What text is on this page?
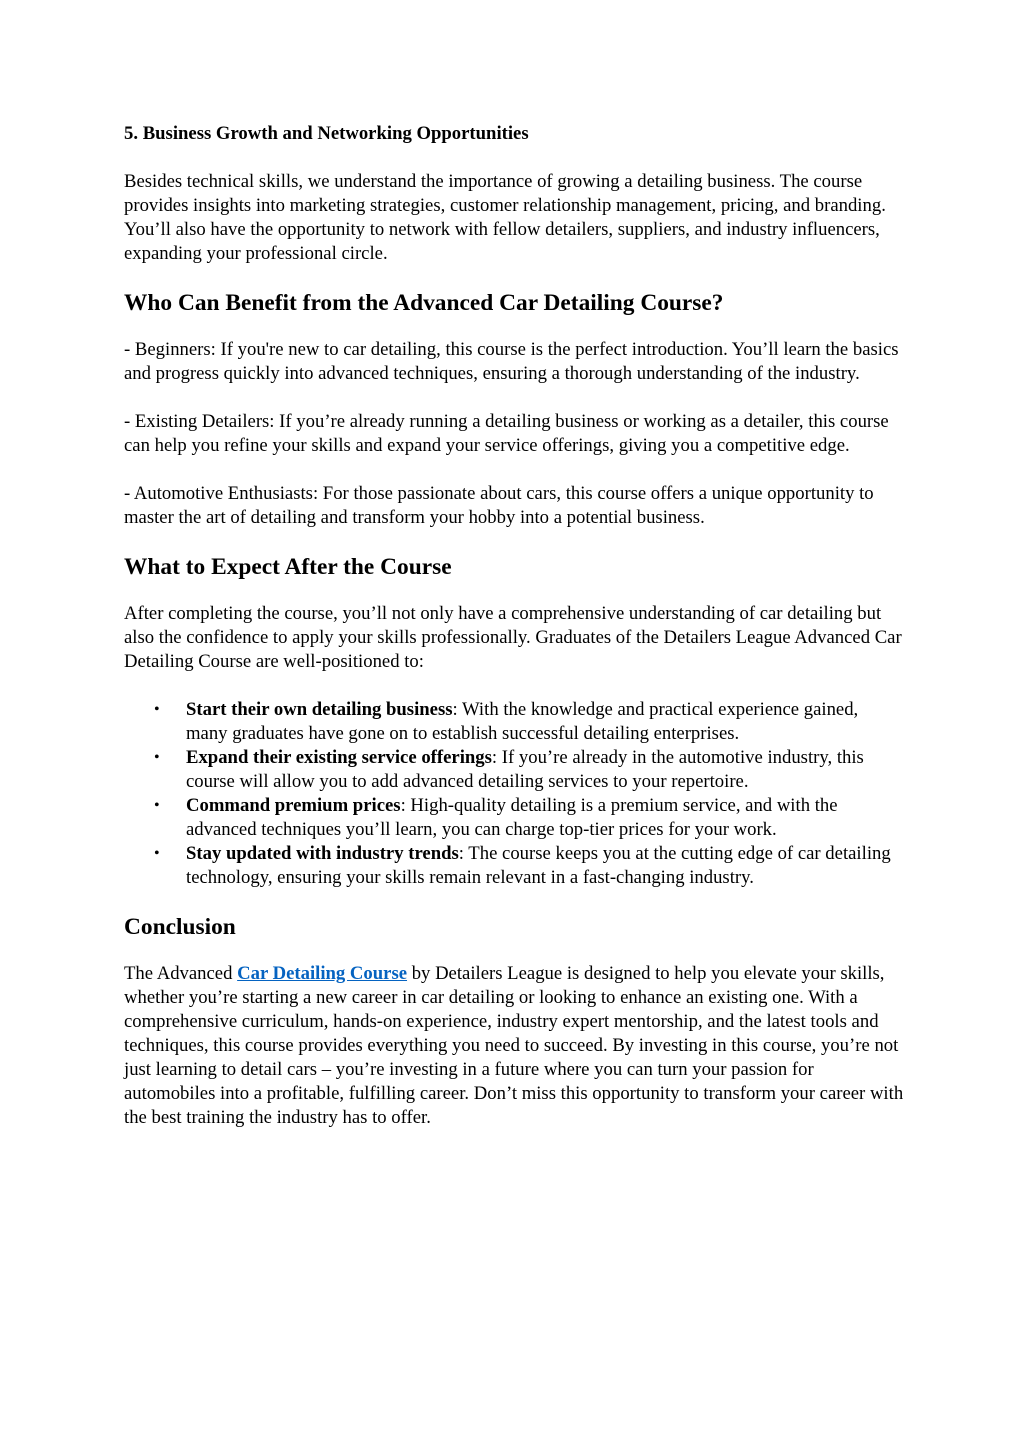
5. Business Growth and Networking Opportunities

Besides technical skills, we understand the importance of growing a detailing business. The course provides insights into marketing strategies, customer relationship management, pricing, and branding. You’ll also have the opportunity to network with fellow detailers, suppliers, and industry influencers, expanding your professional circle.

Who Can Benefit from the Advanced Car Detailing Course?

- Beginners: If you're new to car detailing, this course is the perfect introduction. You’ll learn the basics and progress quickly into advanced techniques, ensuring a thorough understanding of the industry.

- Existing Detailers: If you’re already running a detailing business or working as a detailer, this course can help you refine your skills and expand your service offerings, giving you a competitive edge.

- Automotive Enthusiasts: For those passionate about cars, this course offers a unique opportunity to master the art of detailing and transform your hobby into a potential business.

What to Expect After the Course

After completing the course, you’ll not only have a comprehensive understanding of car detailing but also the confidence to apply your skills professionally. Graduates of the Detailers League Advanced Car Detailing Course are well-positioned to:

• Start their own detailing business: With the knowledge and practical experience gained, many graduates have gone on to establish successful detailing enterprises.
• Expand their existing service offerings: If you’re already in the automotive industry, this course will allow you to add advanced detailing services to your repertoire.
• Command premium prices: High-quality detailing is a premium service, and with the advanced techniques you’ll learn, you can charge top-tier prices for your work.
• Stay updated with industry trends: The course keeps you at the cutting edge of car detailing technology, ensuring your skills remain relevant in a fast-changing industry.

Conclusion

The Advanced Car Detailing Course by Detailers League is designed to help you elevate your skills, whether you’re starting a new career in car detailing or looking to enhance an existing one. With a comprehensive curriculum, hands-on experience, industry expert mentorship, and the latest tools and techniques, this course provides everything you need to succeed. By investing in this course, you’re not just learning to detail cars – you’re investing in a future where you can turn your passion for automobiles into a profitable, fulfilling career. Don’t miss this opportunity to transform your career with the best training the industry has to offer.
